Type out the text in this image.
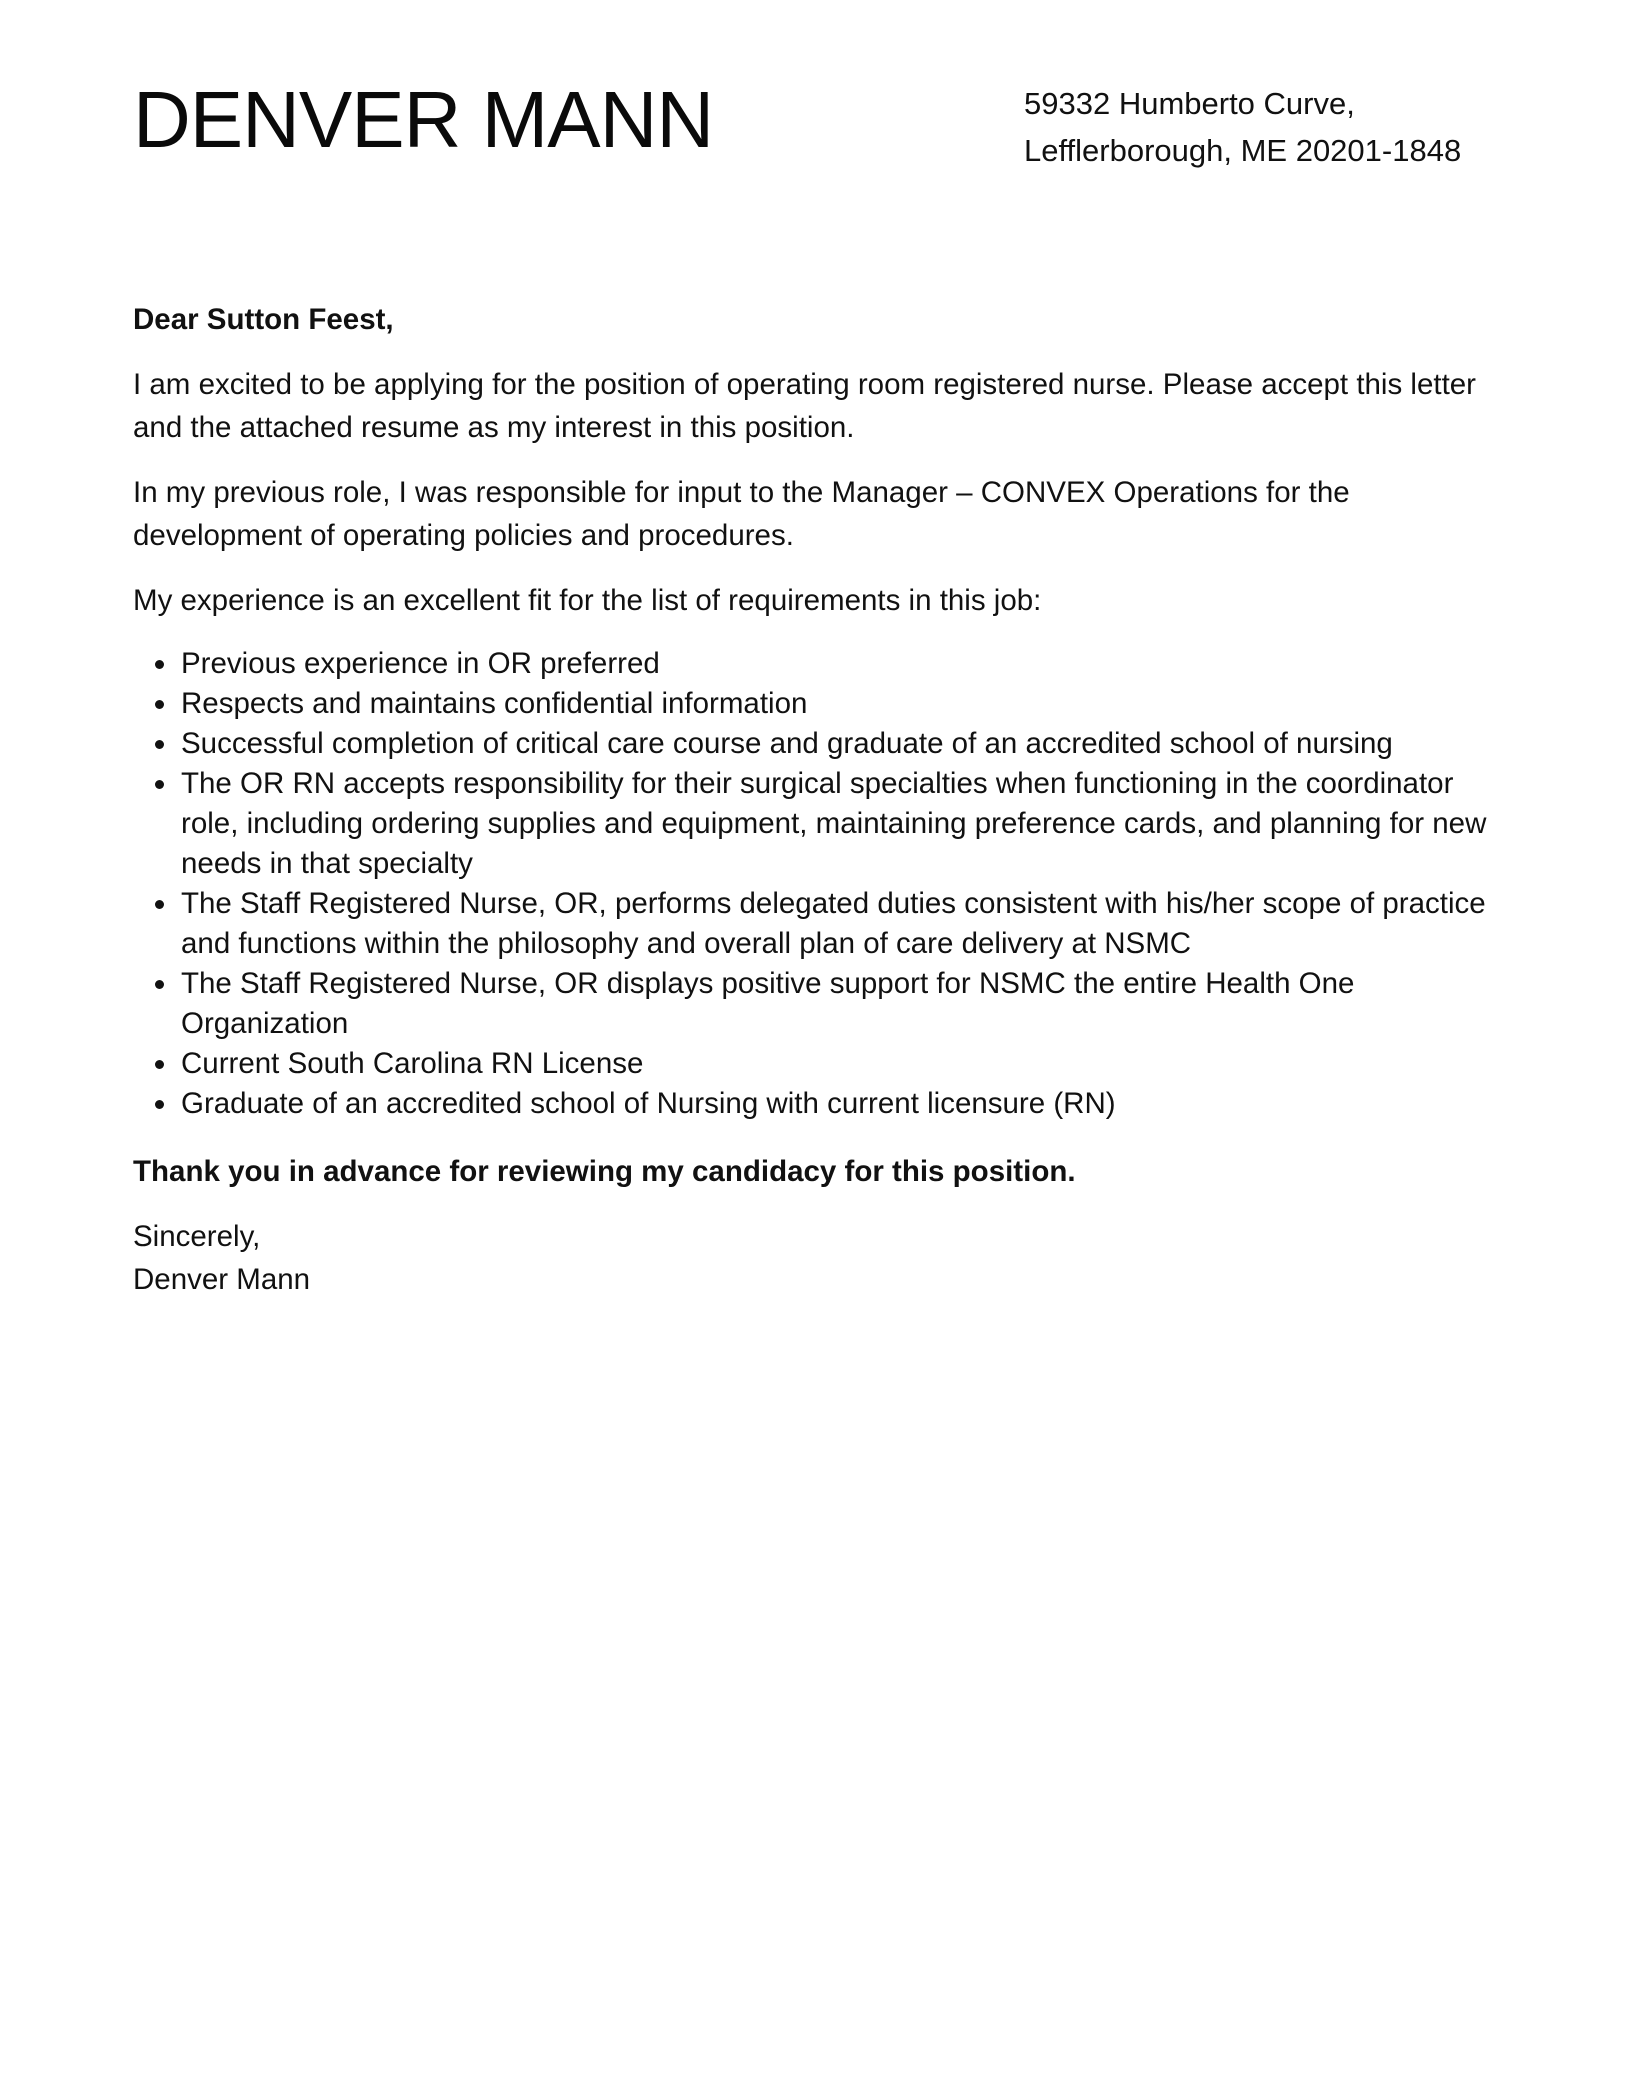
DENVER MANN	59332 Humberto Curve,
Lefflerborough, ME 20201-1848

Dear Sutton Feest,

I am excited to be applying for the position of operating room registered nurse. Please accept this letter and the attached resume as my interest in this position.

In my previous role, I was responsible for input to the Manager – CONVEX Operations for the development of operating policies and procedures.

My experience is an excellent fit for the list of requirements in this job:

Previous experience in OR preferred
Respects and maintains confidential information
Successful completion of critical care course and graduate of an accredited school of nursing
The OR RN accepts responsibility for their surgical specialties when functioning in the coordinator role, including ordering supplies and equipment, maintaining preference cards, and planning for new needs in that specialty
The Staff Registered Nurse, OR, performs delegated duties consistent with his/her scope of practice and functions within the philosophy and overall plan of care delivery at NSMC
The Staff Registered Nurse, OR displays positive support for NSMC the entire Health One Organization
Current South Carolina RN License
Graduate of an accredited school of Nursing with current licensure (RN)

Thank you in advance for reviewing my candidacy for this position.

Sincerely,
Denver Mann
